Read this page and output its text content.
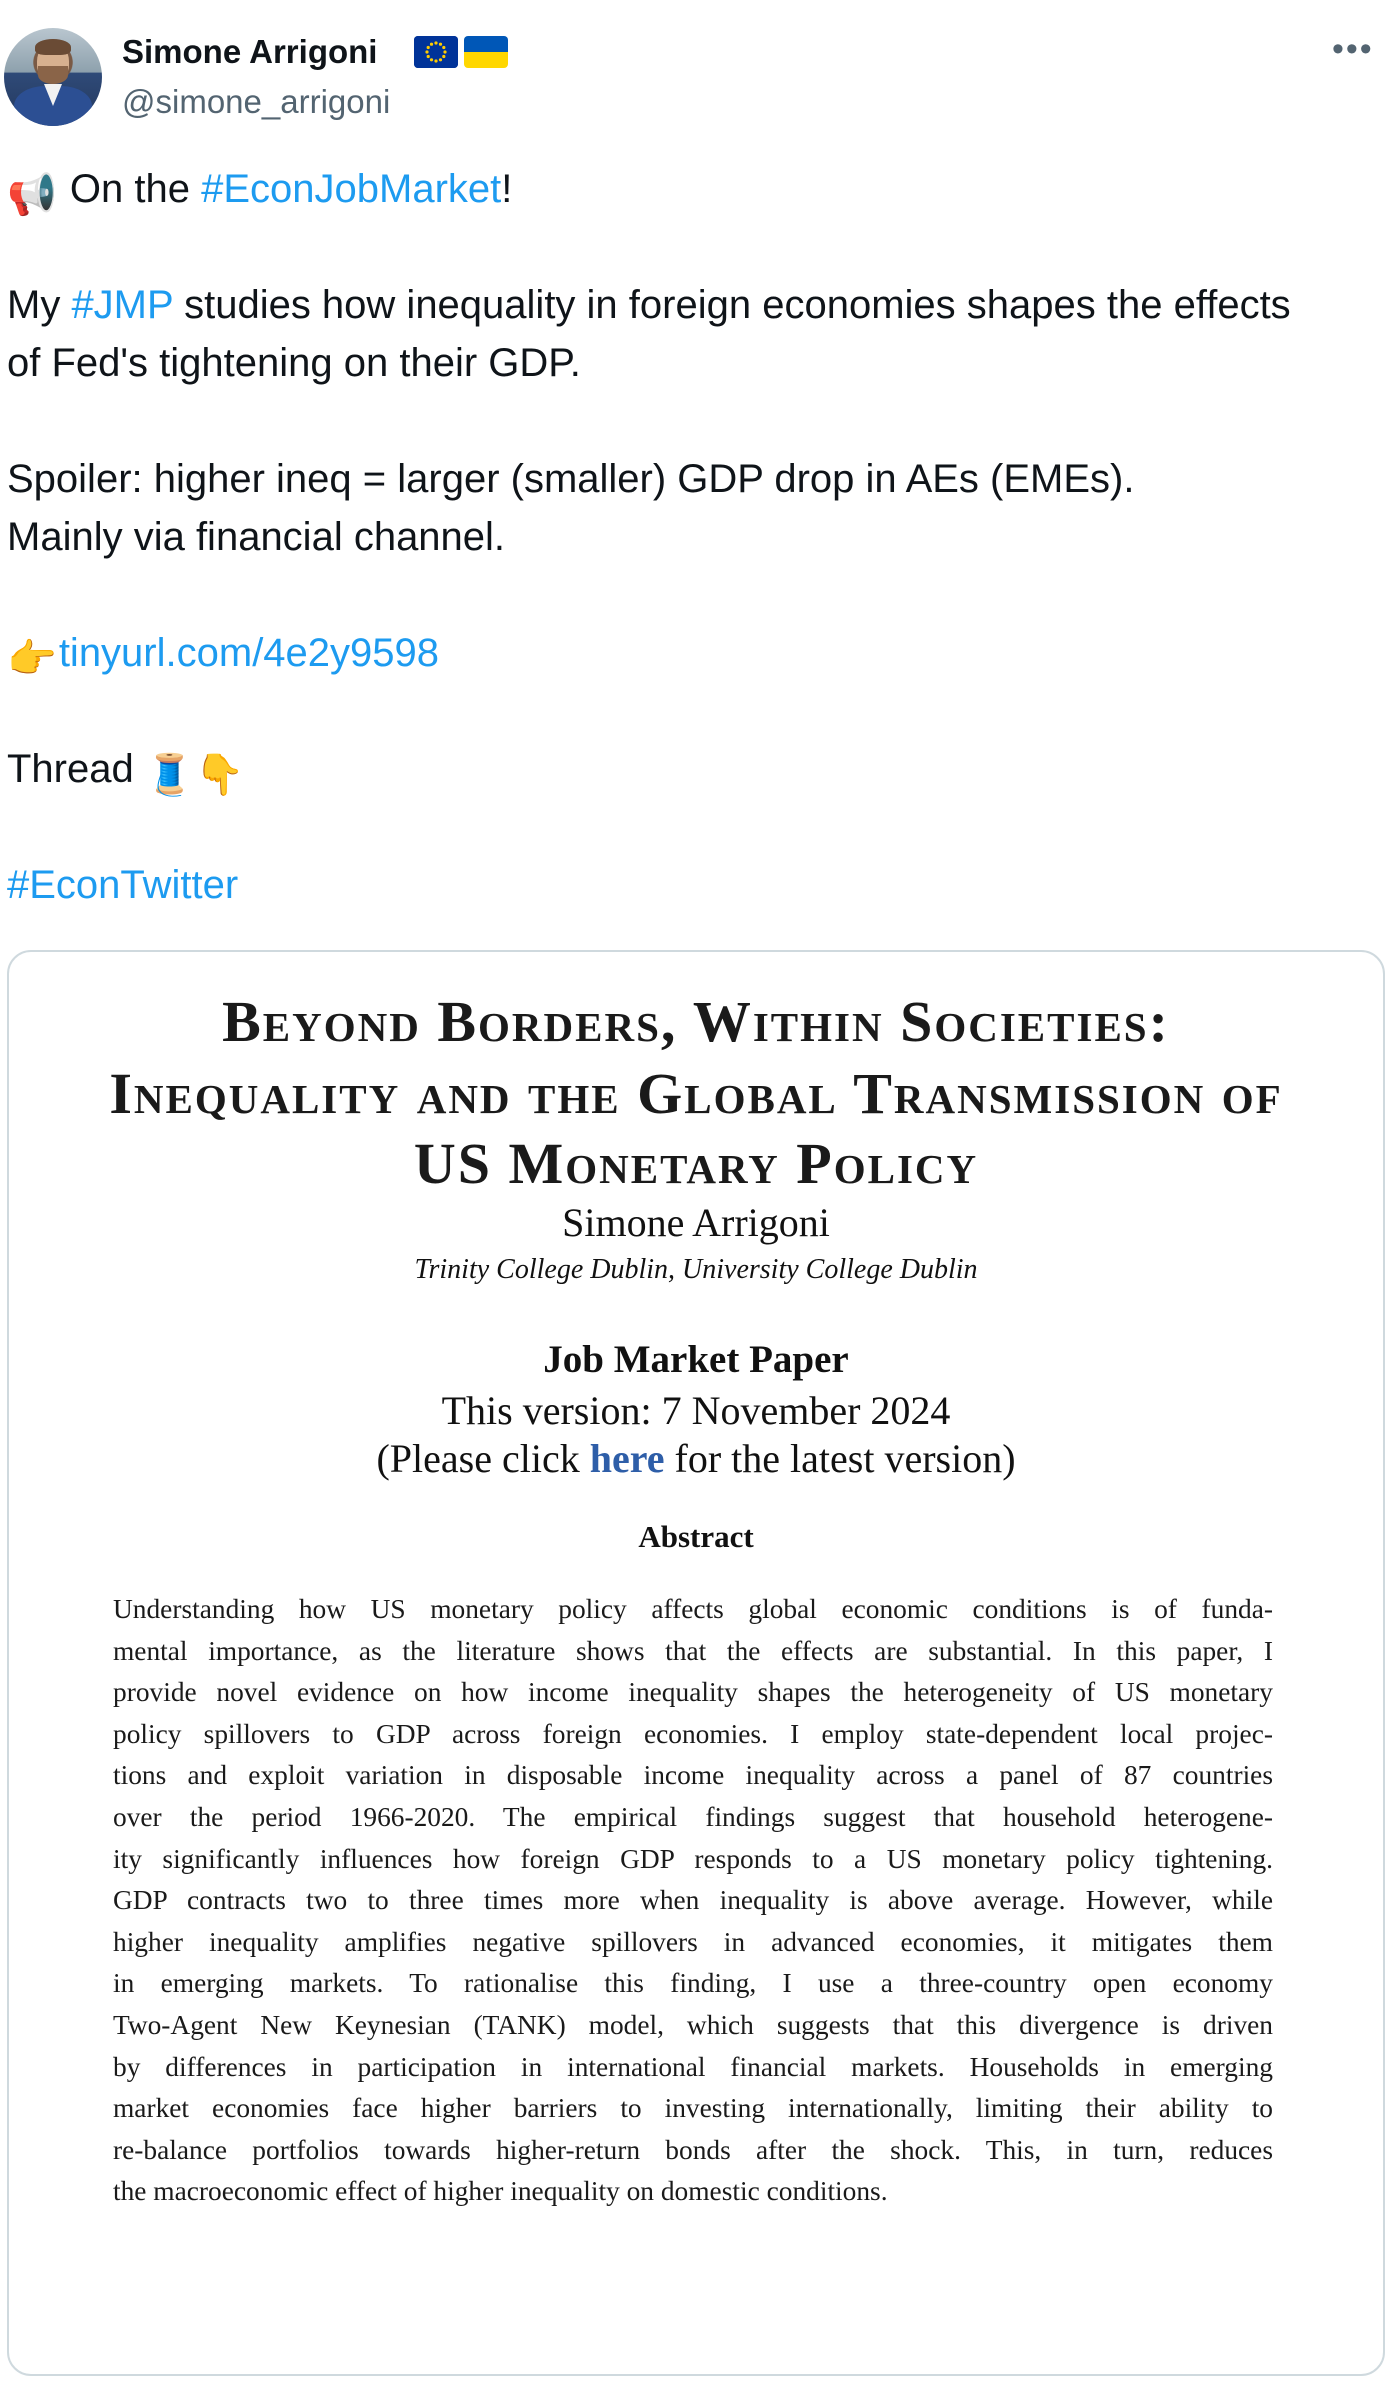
Simone Arrigoni
@simone_arrigoni
•••
📢 On the #EconJobMarket!
My #JMP studies how inequality in foreign economies shapes the effects
of Fed's tightening on their GDP.
Spoiler: higher ineq = larger (smaller) GDP drop in AEs (EMEs).
Mainly via financial channel.
👉tinyurl.com/4e2y9598
Thread 🧵👇
#EconTwitter
Beyond Borders, Within Societies:
Inequality and the Global Transmission of
US Monetary Policy
Simone Arrigoni
Trinity College Dublin, University College Dublin
Job Market Paper
This version: 7 November 2024
(Please click here for the latest version)
Abstract
Understanding how US monetary policy affects global economic conditions is of funda-
mental importance, as the literature shows that the effects are substantial. In this paper, I
provide novel evidence on how income inequality shapes the heterogeneity of US monetary
policy spillovers to GDP across foreign economies. I employ state-dependent local projec-
tions and exploit variation in disposable income inequality across a panel of 87 countries
over the period 1966-2020. The empirical findings suggest that household heterogene-
ity significantly influences how foreign GDP responds to a US monetary policy tightening.
GDP contracts two to three times more when inequality is above average. However, while
higher inequality amplifies negative spillovers in advanced economies, it mitigates them
in emerging markets. To rationalise this finding, I use a three-country open economy
Two-Agent New Keynesian (TANK) model, which suggests that this divergence is driven
by differences in participation in international financial markets. Households in emerging
market economies face higher barriers to investing internationally, limiting their ability to
re-balance portfolios towards higher-return bonds after the shock. This, in turn, reduces
the macroeconomic effect of higher inequality on domestic conditions.
